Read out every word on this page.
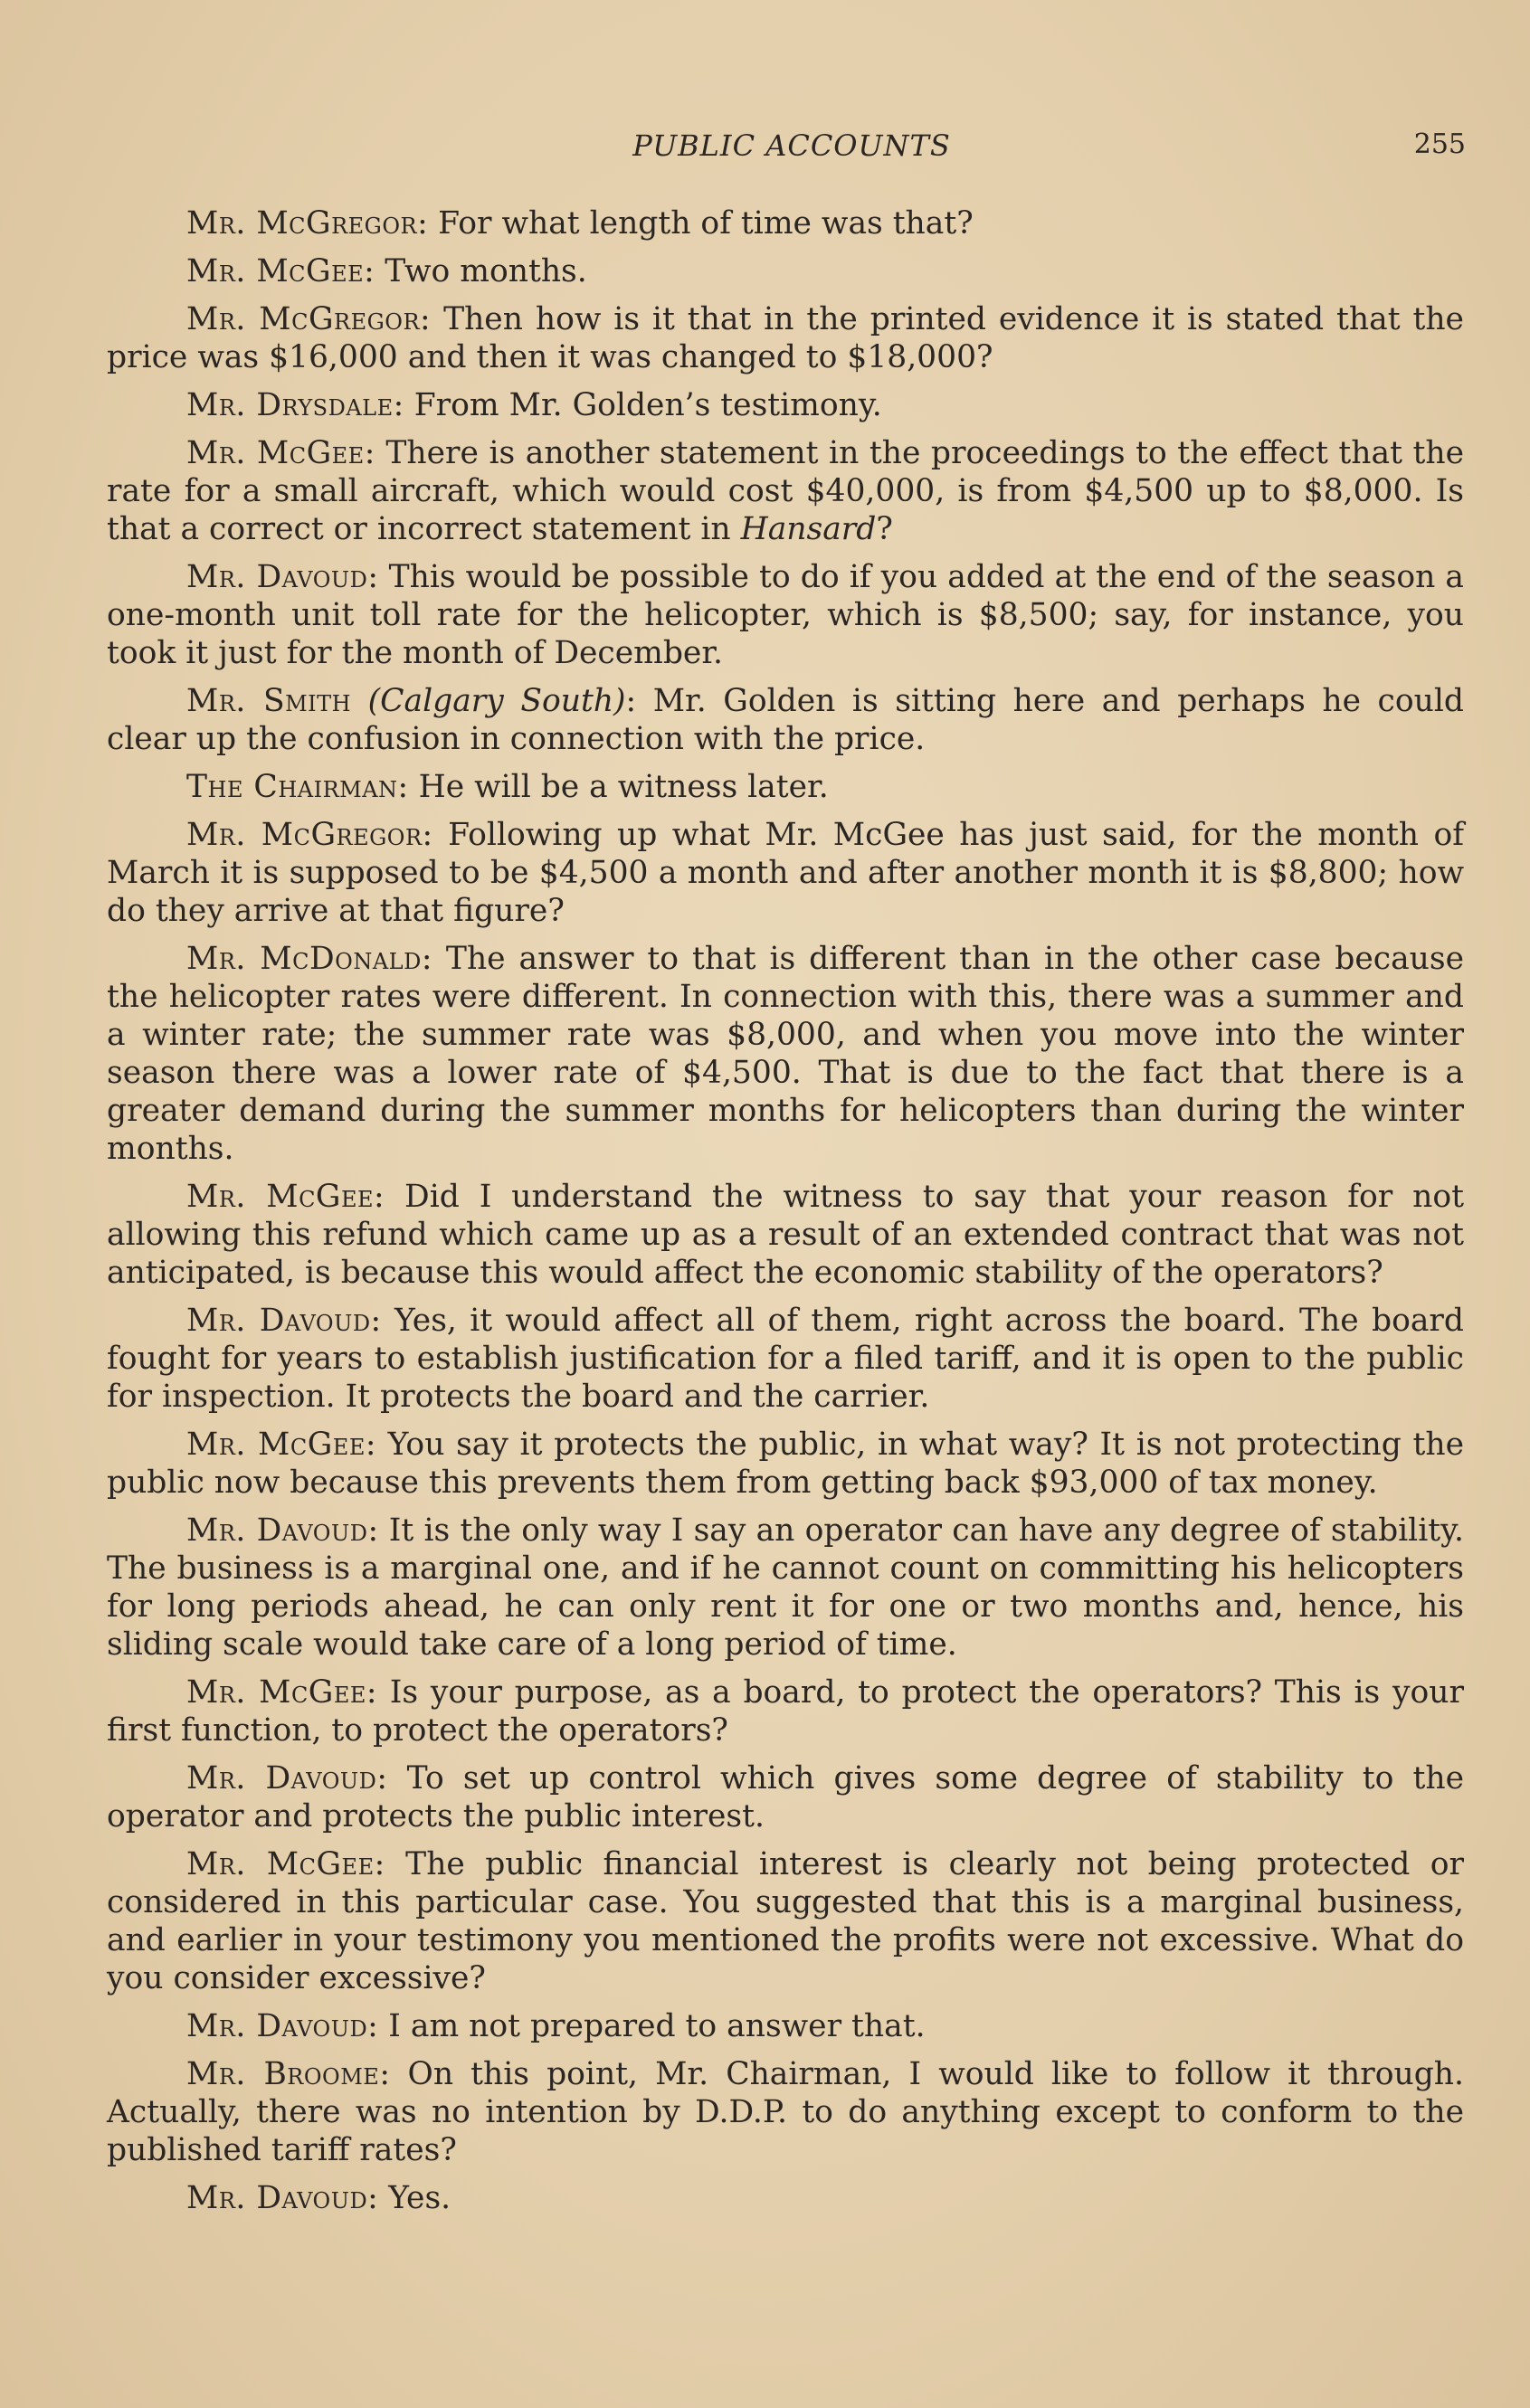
PUBLIC ACCOUNTS	255

Mr. McGregor: For what length of time was that?

Mr. McGee: Two months.

Mr. McGregor: Then how is it that in the printed evidence it is stated that the price was $16,000 and then it was changed to $18,000?

Mr. Drysdale: From Mr. Golden’s testimony.

Mr. McGee: There is another statement in the proceedings to the effect that the rate for a small aircraft, which would cost $40,000, is from $4,500 up to $8,000. Is that a correct or incorrect statement in Hansard?

Mr. Davoud: This would be possible to do if you added at the end of the season a one-month unit toll rate for the helicopter, which is $8,500; say, for instance, you took it just for the month of December.

Mr. Smith (Calgary South): Mr. Golden is sitting here and perhaps he could clear up the confusion in connection with the price.

The Chairman: He will be a witness later.

Mr. McGregor: Following up what Mr. McGee has just said, for the month of March it is supposed to be $4,500 a month and after another month it is $8,800; how do they arrive at that figure?

Mr. McDonald: The answer to that is different than in the other case because the helicopter rates were different. In connection with this, there was a summer and a winter rate; the summer rate was $8,000, and when you move into the winter season there was a lower rate of $4,500. That is due to the fact that there is a greater demand during the summer months for helicopters than during the winter months.

Mr. McGee: Did I understand the witness to say that your reason for not allowing this refund which came up as a result of an extended contract that was not anticipated, is because this would affect the economic stability of the operators?

Mr. Davoud: Yes, it would affect all of them, right across the board. The board fought for years to establish justification for a filed tariff, and it is open to the public for inspection. It protects the board and the carrier.

Mr. McGee: You say it protects the public, in what way? It is not protecting the public now because this prevents them from getting back $93,000 of tax money.

Mr. Davoud: It is the only way I say an operator can have any degree of stability. The business is a marginal one, and if he cannot count on committing his helicopters for long periods ahead, he can only rent it for one or two months and, hence, his sliding scale would take care of a long period of time.

Mr. McGee: Is your purpose, as a board, to protect the operators? This is your first function, to protect the operators?

Mr. Davoud: To set up control which gives some degree of stability to the operator and protects the public interest.

Mr. McGee: The public financial interest is clearly not being protected or considered in this particular case. You suggested that this is a marginal business, and earlier in your testimony you mentioned the profits were not excessive. What do you consider excessive?

Mr. Davoud: I am not prepared to answer that.

Mr. Broome: On this point, Mr. Chairman, I would like to follow it through. Actually, there was no intention by D.D.P. to do anything except to conform to the published tariff rates?

Mr. Davoud: Yes.
